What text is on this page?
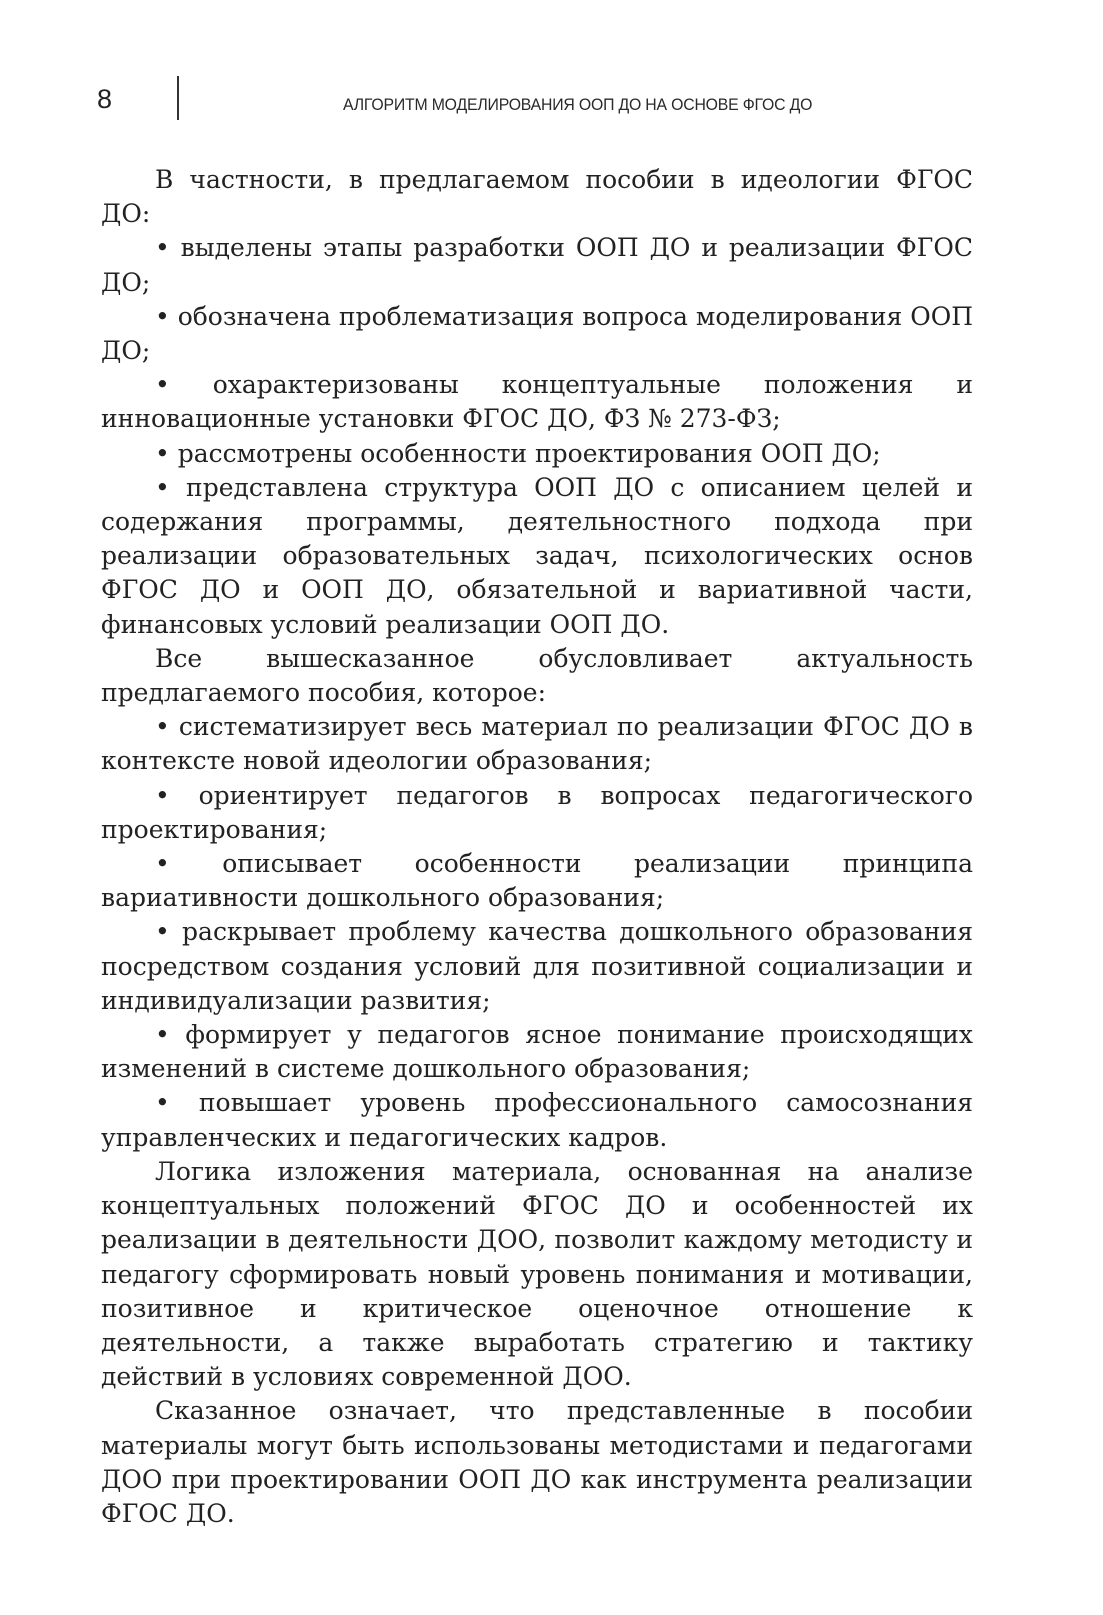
8	АЛГОРИТМ МОДЕЛИРОВАНИЯ ООП ДО НА ОСНОВЕ ФГОС ДО

В частности, в предлагаемом пособии в идеологии ФГОС ДО:

• выделены этапы разработки ООП ДО и реализации ФГОС ДО;

• обозначена проблематизация вопроса моделирования ООП ДО;

• охарактеризованы концептуальные положения и инновационные установки ФГОС ДО, ФЗ № 273-ФЗ;

• рассмотрены особенности проектирования ООП ДО;

• представлена структура ООП ДО с описанием целей и содержания программы, деятельностного подхода при реализации образовательных задач, психологических основ ФГОС ДО и ООП ДО, обязательной и вариативной части, финансовых условий реализации ООП ДО.

Все вышесказанное обусловливает актуальность предлагаемого пособия, которое:

• систематизирует весь материал по реализации ФГОС ДО в контексте новой идеологии образования;

• ориентирует педагогов в вопросах педагогического проектирования;

• описывает особенности реализации принципа вариативности дошкольного образования;

• раскрывает проблему качества дошкольного образования посредством создания условий для позитивной социализации и индивидуализации развития;

• формирует у педагогов ясное понимание происходящих изменений в системе дошкольного образования;

• повышает уровень профессионального самосознания управленческих и педагогических кадров.

Логика изложения материала, основанная на анализе концептуальных положений ФГОС ДО и особенностей их реализации в деятельности ДОО, позволит каждому методисту и педагогу сформировать новый уровень понимания и мотивации, позитивное и критическое оценочное отношение к деятельности, а также выработать стратегию и тактику действий в условиях современной ДОО.

Сказанное означает, что представленные в пособии материалы могут быть использованы методистами и педагогами ДОО при проектировании ООП ДО как инструмента реализации ФГОС ДО.
